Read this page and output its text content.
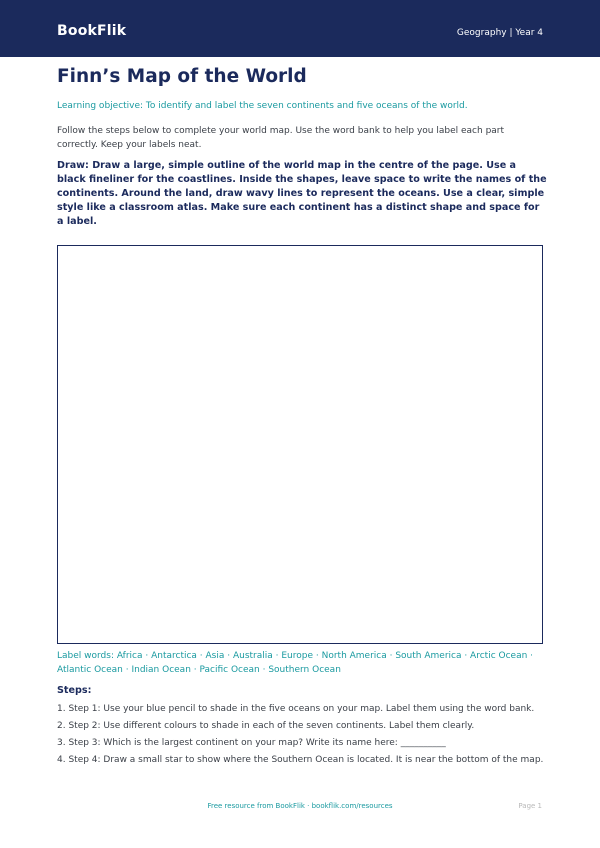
BookFlik	Geography | Year 4
Finn’s Map of the World

Learning objective: To identify and label the seven continents and five oceans of the world.

Follow the steps below to complete your world map. Use the word bank to help you label each part correctly. Keep your labels neat.

Draw: Draw a large, simple outline of the world map in the centre of the page. Use a black fineliner for the coastlines. Inside the shapes, leave space to write the names of the continents. Around the land, draw wavy lines to represent the oceans. Use a clear, simple style like a classroom atlas. Make sure each continent has a distinct shape and space for a label.

Label words: Africa · Antarctica · Asia · Australia · Europe · North America · South America · Arctic Ocean · Atlantic Ocean · Indian Ocean · Pacific Ocean · Southern Ocean

Steps:
1. Step 1: Use your blue pencil to shade in the five oceans on your map. Label them using the word bank.
2. Step 2: Use different colours to shade in each of the seven continents. Label them clearly.
3. Step 3: Which is the largest continent on your map? Write its name here: __________
4. Step 4: Draw a small star to show where the Southern Ocean is located. It is near the bottom of the map.
Free resource from BookFlik · bookflik.com/resources	Page 1
